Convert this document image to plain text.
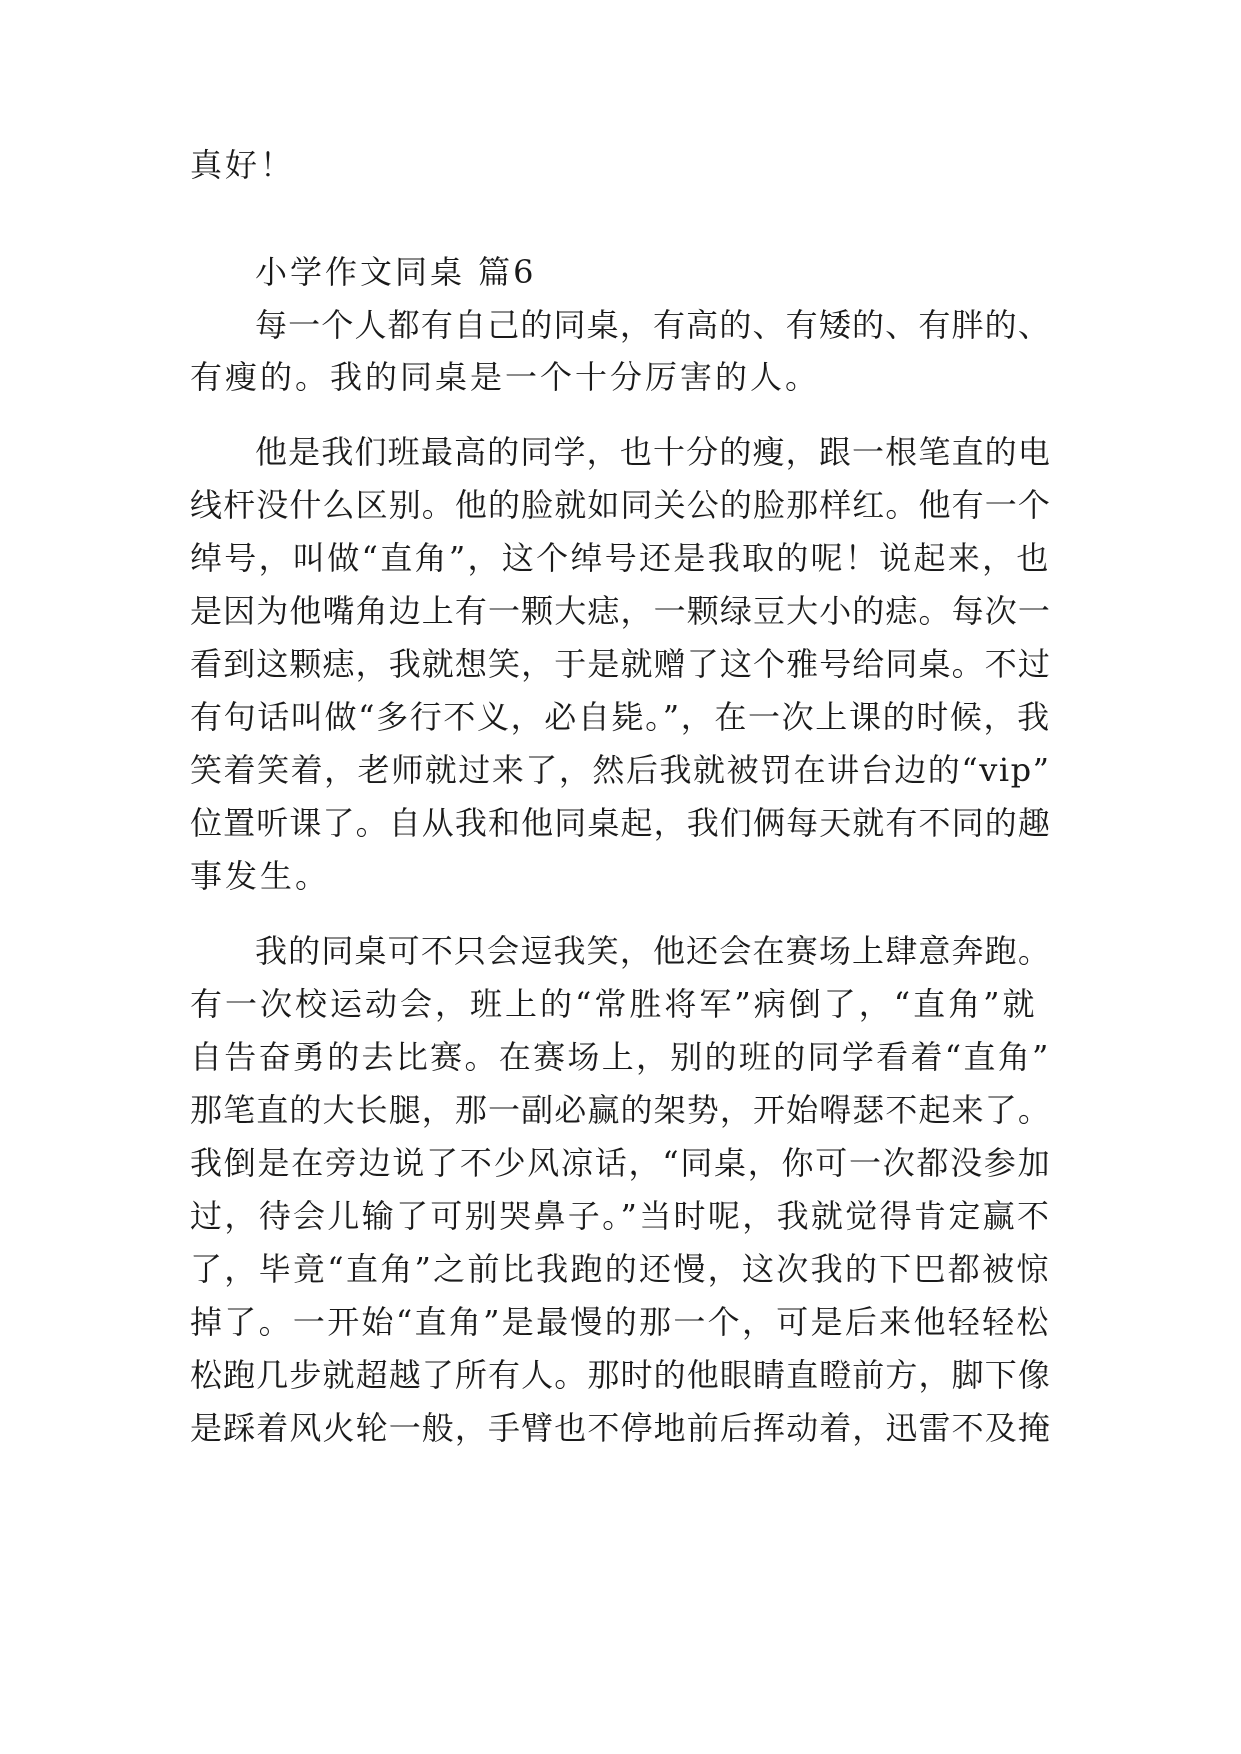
真好！
小学作文同桌 篇6
每一个人都有自己的同桌，有高的、有矮的、有胖的、
有瘦的。我的同桌是一个十分厉害的人。
他是我们班最高的同学，也十分的瘦，跟一根笔直的电
线杆没什么区别。他的脸就如同关公的脸那样红。他有一个
绰号，叫做“直角”，这个绰号还是我取的呢！说起来，也
是因为他嘴角边上有一颗大痣，一颗绿豆大小的痣。每次一
看到这颗痣，我就想笑，于是就赠了这个雅号给同桌。不过
有句话叫做“多行不义，必自毙。”，在一次上课的时候，我
笑着笑着，老师就过来了，然后我就被罚在讲台边的“vip”
位置听课了。自从我和他同桌起，我们俩每天就有不同的趣
事发生。
我的同桌可不只会逗我笑，他还会在赛场上肆意奔跑。
有一次校运动会，班上的“常胜将军”病倒了，“直角”就
自告奋勇的去比赛。在赛场上，别的班的同学看着“直角”
那笔直的大长腿，那一副必赢的架势，开始嘚瑟不起来了。
我倒是在旁边说了不少风凉话，“同桌，你可一次都没参加
过，待会儿输了可别哭鼻子。”当时呢，我就觉得肯定赢不
了，毕竟“直角”之前比我跑的还慢，这次我的下巴都被惊
掉了。一开始“直角”是最慢的那一个，可是后来他轻轻松
松跑几步就超越了所有人。那时的他眼睛直瞪前方，脚下像
是踩着风火轮一般，手臂也不停地前后挥动着，迅雷不及掩
